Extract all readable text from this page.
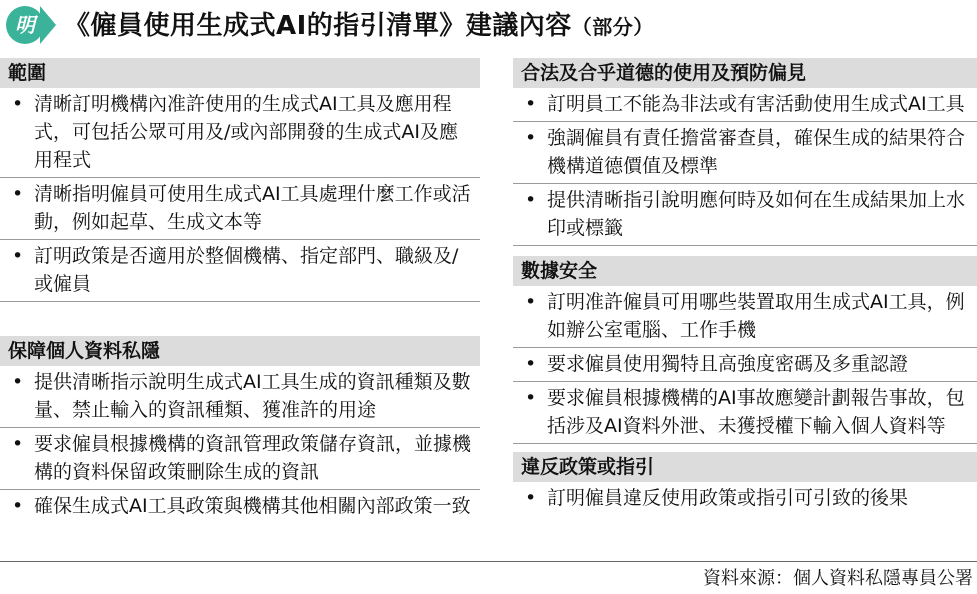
明	《僱員使用生成式AI的指引清單》建議內容（部分）
範圍
• 清晰訂明機構內准許使用的生成式AI工具及應用程式，可包括公眾可用及/或內部開發的生成式AI及應用程式
• 清晰指明僱員可使用生成式AI工具處理什麼工作或活動，例如起草、生成文本等
• 訂明政策是否適用於整個機構、指定部門、職級及/或僱員
保障個人資料私隱
• 提供清晰指示說明生成式AI工具生成的資訊種類及數量、禁止輸入的資訊種類、獲准許的用途
• 要求僱員根據機構的資訊管理政策儲存資訊，並據機構的資料保留政策刪除生成的資訊
• 確保生成式AI工具政策與機構其他相關內部政策一致
合法及合乎道德的使用及預防偏見
• 訂明員工不能為非法或有害活動使用生成式AI工具
• 強調僱員有責任擔當審查員，確保生成的結果符合機構道德價值及標準
• 提供清晰指引說明應何時及如何在生成結果加上水印或標籤
數據安全
• 訂明准許僱員可用哪些裝置取用生成式AI工具，例如辦公室電腦、工作手機
• 要求僱員使用獨特且高強度密碼及多重認證
• 要求僱員根據機構的AI事故應變計劃報告事故，包括涉及AI資料外泄、未獲授權下輸入個人資料等
違反政策或指引
• 訂明僱員違反使用政策或指引可引致的後果
資料來源：個人資料私隱專員公署
